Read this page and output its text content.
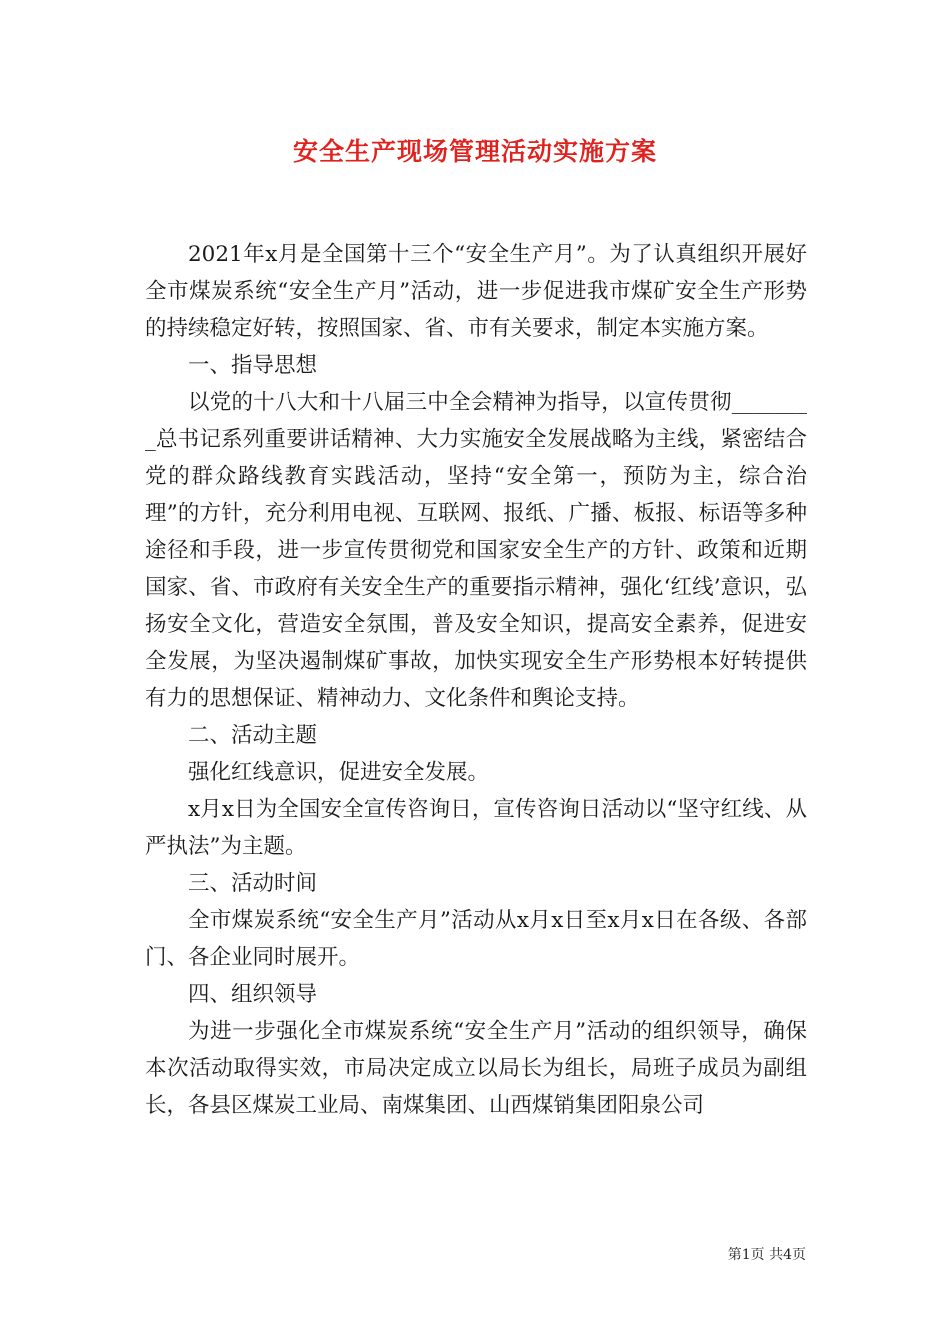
安全生产现场管理活动实施方案

2021年x月是全国第十三个“安全生产月”。为了认真组织开展好全市煤炭系统“安全生产月”活动，进一步促进我市煤矿安全生产形势的持续稳定好转，按照国家、省、市有关要求，制定本实施方案。

一、指导思想

以党的十八大和十八届三中全会精神为指导，以宣传贯彻________总书记系列重要讲话精神、大力实施安全发展战略为主线，紧密结合党的群众路线教育实践活动，坚持“安全第一，预防为主，综合治理”的方针，充分利用电视、互联网、报纸、广播、板报、标语等多种途径和手段，进一步宣传贯彻党和国家安全生产的方针、政策和近期国家、省、市政府有关安全生产的重要指示精神，强化‘红线’意识，弘扬安全文化，营造安全氛围，普及安全知识，提高安全素养，促进安全发展，为坚决遏制煤矿事故，加快实现安全生产形势根本好转提供有力的思想保证、精神动力、文化条件和舆论支持。

二、活动主题

强化红线意识，促进安全发展。

x月x日为全国安全宣传咨询日，宣传咨询日活动以“坚守红线、从严执法”为主题。

三、活动时间

全市煤炭系统“安全生产月”活动从x月x日至x月x日在各级、各部门、各企业同时展开。

四、组织领导

为进一步强化全市煤炭系统“安全生产月”活动的组织领导，确保本次活动取得实效，市局决定成立以局长为组长，局班子成员为副组长，各县区煤炭工业局、南煤集团、山西煤销集团阳泉公司

第1页 共4页
